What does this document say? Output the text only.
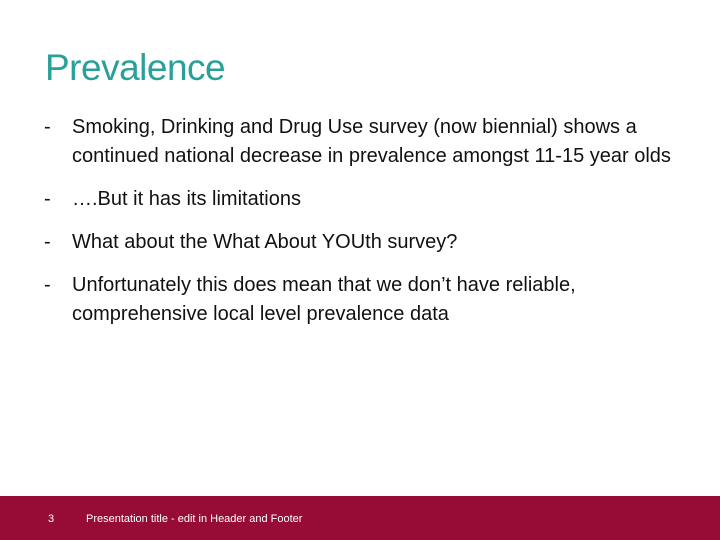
Prevalence
-	Smoking, Drinking and Drug Use survey (now biennial) shows a continued national decrease in prevalence amongst 11-15 year olds
-	….But it has its limitations
-	What about the What About YOUth survey?
-	Unfortunately this does mean that we don’t have reliable, comprehensive local level prevalence data
3	Presentation title - edit in Header and Footer
